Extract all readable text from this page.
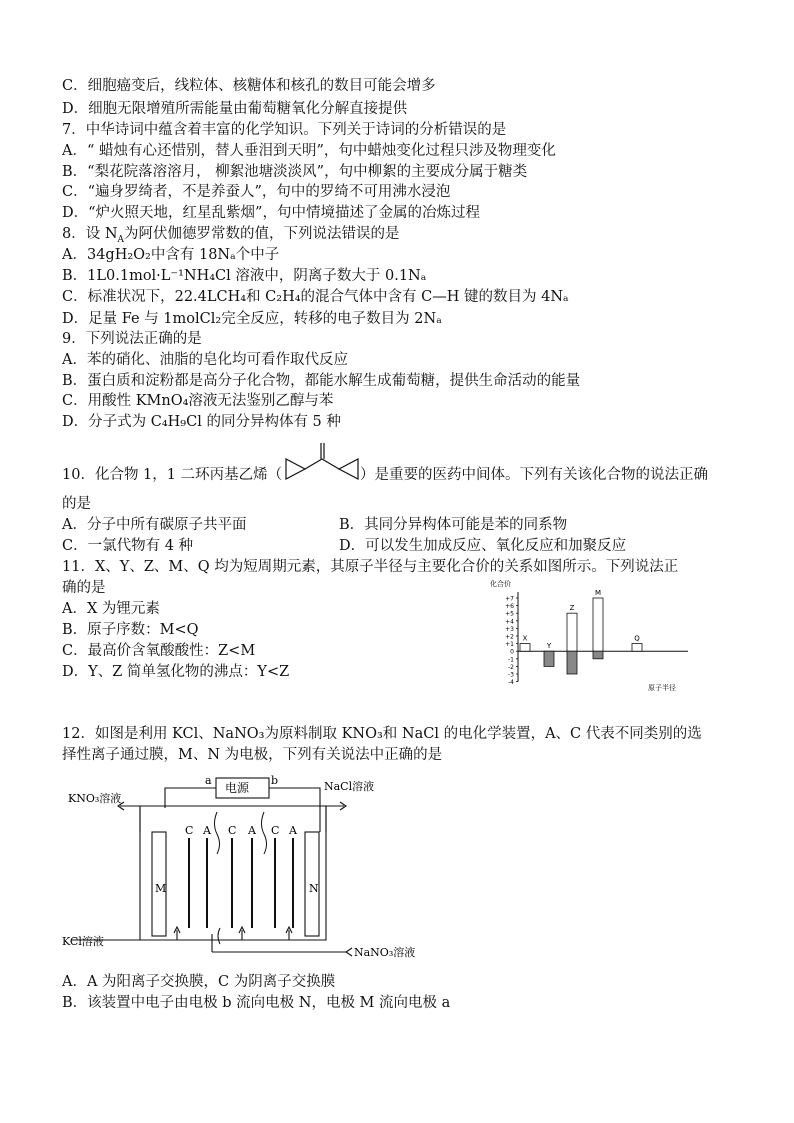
C．细胞癌变后，线粒体、核糖体和核孔的数目可能会增多
D．细胞无限增殖所需能量由葡萄糖氧化分解直接提供
7．中华诗词中蕴含着丰富的化学知识。下列关于诗词的分析错误的是
A．“ 蜡烛有心还惜别，替人垂泪到天明”，句中蜡烛变化过程只涉及物理变化
B．“梨花院落溶溶月， 柳絮池塘淡淡风”，句中柳絮的主要成分属于糖类
C．“遍身罗绮者，不是养蚕人”，句中的罗绮不可用沸水浸泡
D．“炉火照天地，红星乱紫烟”，句中情境描述了金属的冶炼过程
8．设 $N_A$为阿伏伽德罗常数的值，下列说法错误的是
A．34gH₂O₂中含有 18Nₐ个中子
B．1L0.1mol·L⁻¹NH₄Cl 溶液中，阴离子数大于 0.1Nₐ
C．标准状况下，22.4LCH₄和 C₂H₄的混合气体中含有 C—H 键的数目为 4Nₐ
D．足量 Fe 与 1molCl₂完全反应，转移的电子数目为 2Nₐ
9．下列说法正确的是
A．苯的硝化、油脂的皂化均可看作取代反应
B．蛋白质和淀粉都是高分子化合物，都能水解生成葡萄糖，提供生命活动的能量
C．用酸性 KMnO₄溶液无法鉴别乙醇与苯
D．分子式为 C₄H₉Cl 的同分异构体有 5 种
10．化合物 1，1 二环丙基乙烯（	）是重要的医药中间体。下列有关该化合物的说法正确
的是
A．分子中所有碳原子共平面	B．其同分异构体可能是苯的同系物
C．一氯代物有 4 种	D．可以发生加成反应、氧化反应和加聚反应
11．X、Y、Z、M、Q 均为短周期元素，其原子半径与主要化合价的关系如图所示。下列说法正
确的是
A．X 为锂元素
B．原子序数：M<Q
C．最高价含氧酸酸性：Z<M
D．Y、Z 简单氢化物的沸点：Y<Z
12．如图是利用 KCl、NaNO₃为原料制取 KNO₃和 NaCl 的电化学装置，A、C 代表不同类别的选
择性离子通过膜，M、N 为电极，下列有关说法中正确的是
A．A 为阳离子交换膜，C 为阴离子交换膜
B．该装置中电子由电极 b 流向电极 N，电极 M 流向电极 a
化合价
+7
+6
+5
+4
+3
+2
+1
0
-1
-2
-3
-4
X
Y
Z
M
Q
原子半径
C A C A C A
电源
a	b
KNO₃溶液
NaCl溶液
KCl溶液
NaNO₃溶液
M	N
